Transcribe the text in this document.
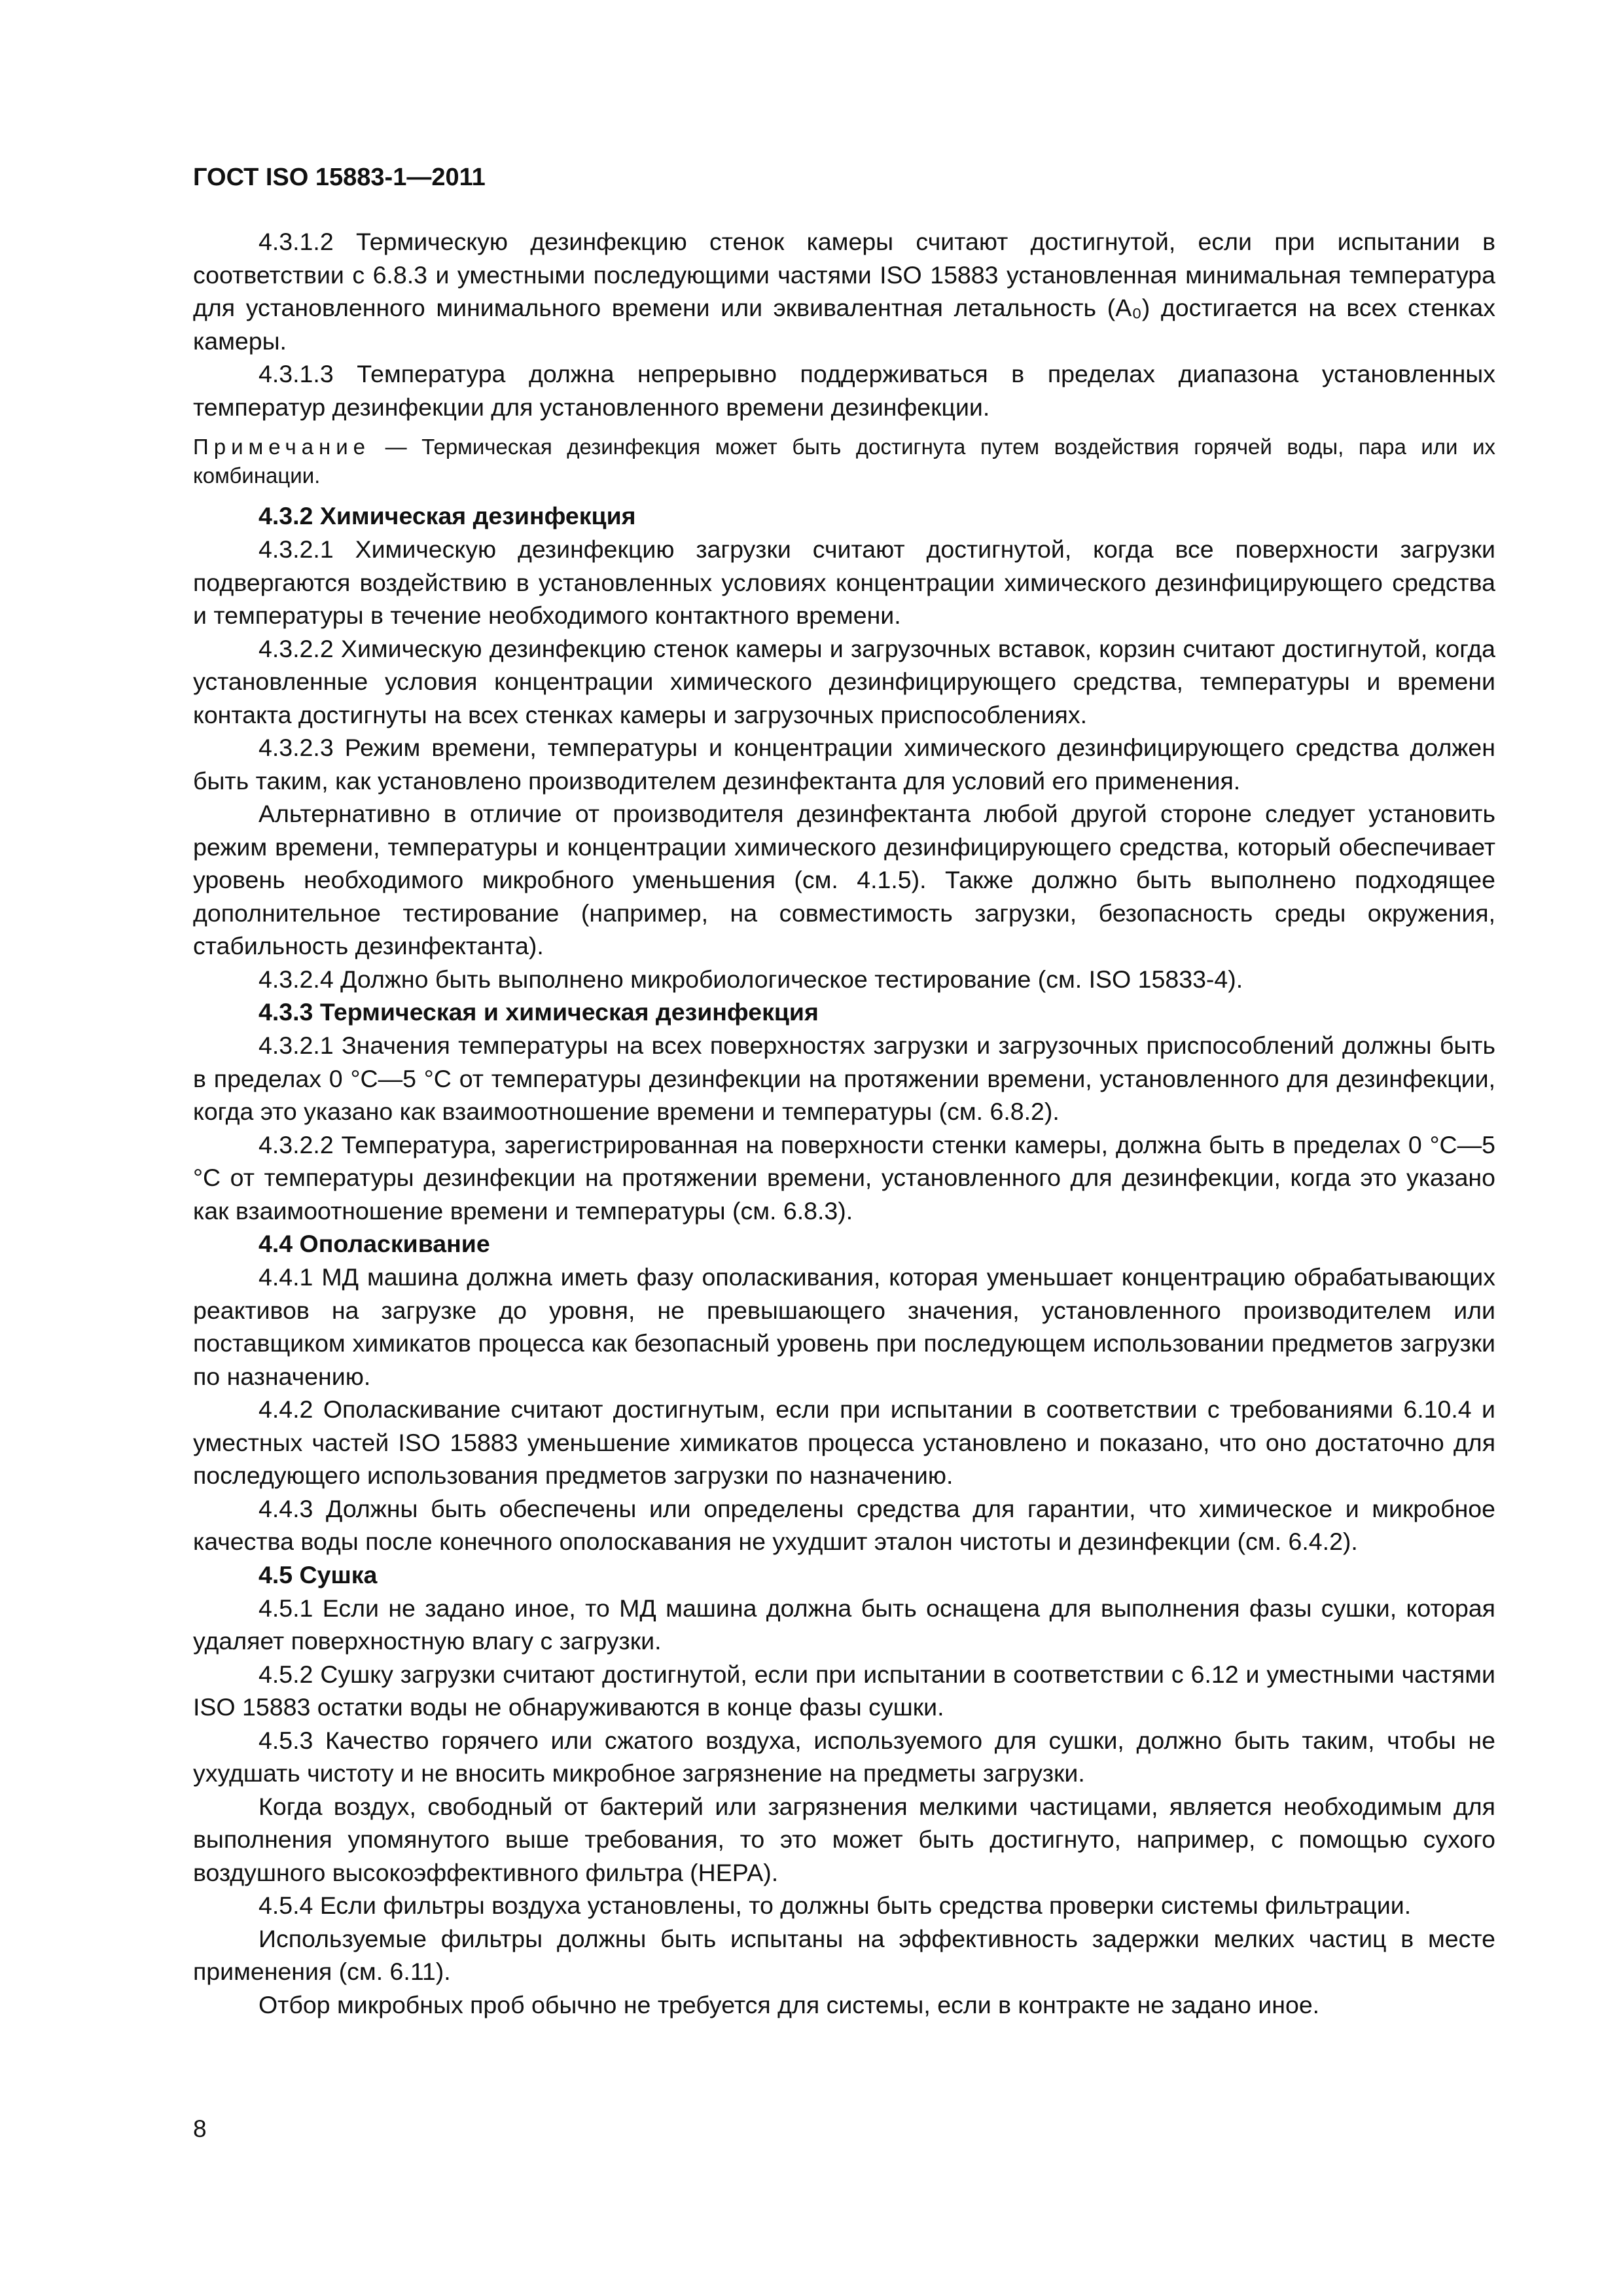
ГОСТ ISO 15883-1—2011
4.3.1.2 Термическую дезинфекцию стенок камеры считают достигнутой, если при испытании в соответствии с 6.8.3 и уместными последующими частями ISO 15883 установленная минимальная температура для установленного минимального времени или эквивалентная летальность (A₀) достигается на всех стенках камеры.
4.3.1.3 Температура должна непрерывно поддерживаться в пределах диапазона установленных температур дезинфекции для установленного времени дезинфекции.
Примечание — Термическая дезинфекция может быть достигнута путем воздействия горячей воды, пара или их комбинации.
4.3.2 Химическая дезинфекция
4.3.2.1 Химическую дезинфекцию загрузки считают достигнутой, когда все поверхности загрузки подвергаются воздействию в установленных условиях концентрации химического дезинфицирующего средства и температуры в течение необходимого контактного времени.
4.3.2.2 Химическую дезинфекцию стенок камеры и загрузочных вставок, корзин считают достигнутой, когда установленные условия концентрации химического дезинфицирующего средства, температуры и времени контакта достигнуты на всех стенках камеры и загрузочных приспособлениях.
4.3.2.3 Режим времени, температуры и концентрации химического дезинфицирующего средства должен быть таким, как установлено производителем дезинфектанта для условий его применения.
Альтернативно в отличие от производителя дезинфектанта любой другой стороне следует установить режим времени, температуры и концентрации химического дезинфицирующего средства, который обеспечивает уровень необходимого микробного уменьшения (см. 4.1.5). Также должно быть выполнено подходящее дополнительное тестирование (например, на совместимость загрузки, безопасность среды окружения, стабильность дезинфектанта).
4.3.2.4 Должно быть выполнено микробиологическое тестирование (см. ISO 15833-4).
4.3.3 Термическая и химическая дезинфекция
4.3.2.1 Значения температуры на всех поверхностях загрузки и загрузочных приспособлений должны быть в пределах 0 °С—5 °С от температуры дезинфекции на протяжении времени, установленного для дезинфекции, когда это указано как взаимоотношение времени и температуры (см. 6.8.2).
4.3.2.2 Температура, зарегистрированная на поверхности стенки камеры, должна быть в пределах 0 °С—5 °С от температуры дезинфекции на протяжении времени, установленного для дезинфекции, когда это указано как взаимоотношение времени и температуры (см. 6.8.3).
4.4 Ополаскивание
4.4.1 МД машина должна иметь фазу ополаскивания, которая уменьшает концентрацию обрабатывающих реактивов на загрузке до уровня, не превышающего значения, установленного производителем или поставщиком химикатов процесса как безопасный уровень при последующем использовании предметов загрузки по назначению.
4.4.2 Ополаскивание считают достигнутым, если при испытании в соответствии с требованиями 6.10.4 и уместных частей ISO 15883 уменьшение химикатов процесса установлено и показано, что оно достаточно для последующего использования предметов загрузки по назначению.
4.4.3 Должны быть обеспечены или определены средства для гарантии, что химическое и микробное качества воды после конечного ополоскавания не ухудшит эталон чистоты и дезинфекции (см. 6.4.2).
4.5 Сушка
4.5.1 Если не задано иное, то МД машина должна быть оснащена для выполнения фазы сушки, которая удаляет поверхностную влагу с загрузки.
4.5.2 Сушку загрузки считают достигнутой, если при испытании в соответствии с 6.12 и уместными частями ISO 15883 остатки воды не обнаруживаются в конце фазы сушки.
4.5.3 Качество горячего или сжатого воздуха, используемого для сушки, должно быть таким, чтобы не ухудшать чистоту и не вносить микробное загрязнение на предметы загрузки.
Когда воздух, свободный от бактерий или загрязнения мелкими частицами, является необходимым для выполнения упомянутого выше требования, то это может быть достигнуто, например, с помощью сухого воздушного высокоэффективного фильтра (НЕРА).
4.5.4 Если фильтры воздуха установлены, то должны быть средства проверки системы фильтрации.
Используемые фильтры должны быть испытаны на эффективность задержки мелких частиц в месте применения (см. 6.11).
Отбор микробных проб обычно не требуется для системы, если в контракте не задано иное.
8
